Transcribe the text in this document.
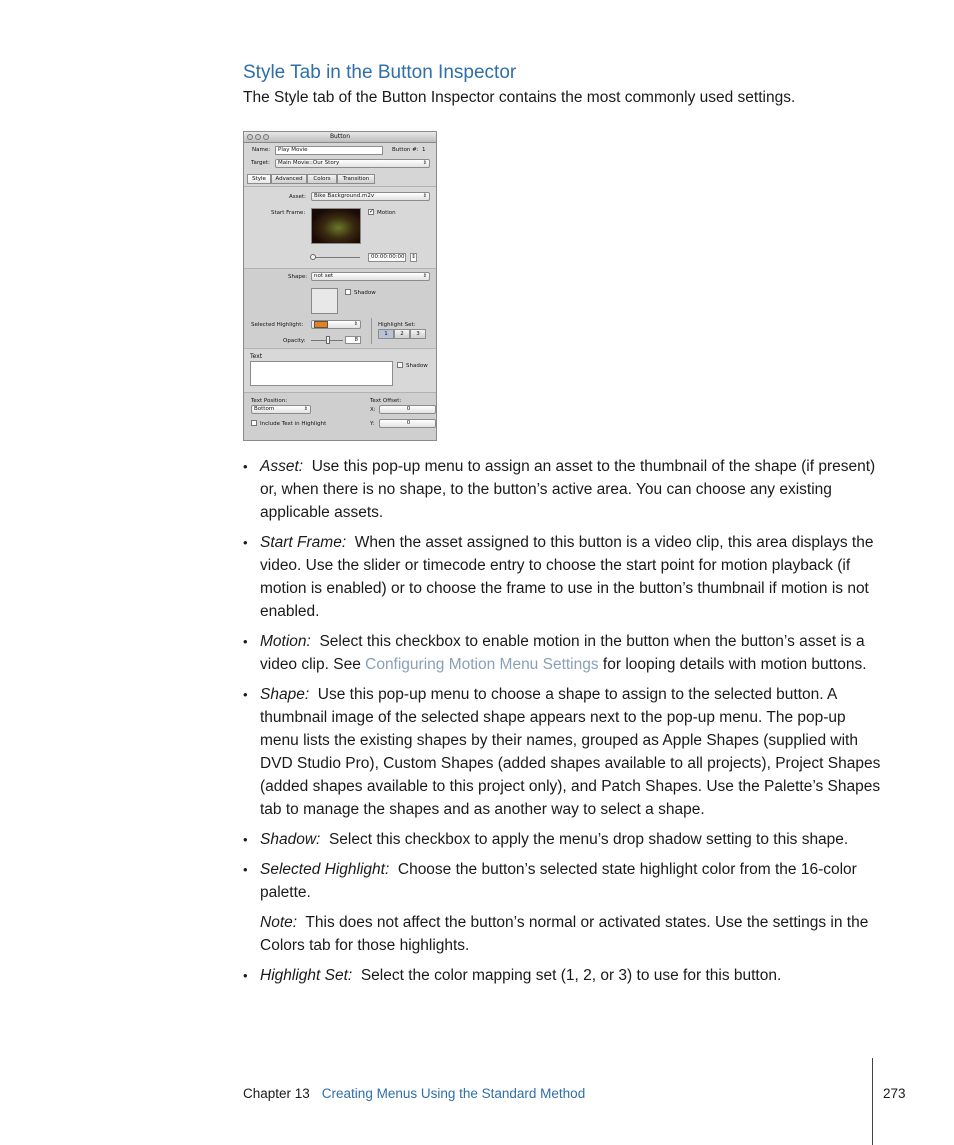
Style Tab in the Button Inspector
The Style tab of the Button Inspector contains the most commonly used settings.
Button
Name:	Play Movie	Button #: 1
Target:	Main Movie::Our Story	⇕
Style	Advanced	Colors	Transition
Asset:	Bike Background.m2v	⇕
Start Frame:	✓ Motion
00:00:00:00 ⇕
Shape:	not set	⇕
Shadow
Selected Highlight:	⇕	Highlight Set:
1	2	3
Opacity:	8
Text
Shadow
Text Position:
Bottom	⇕
Include Text in Highlight
Text Offset:
X:	0
Y:	0
• Asset: Use this pop-up menu to assign an asset to the thumbnail of the shape (if present) or, when there is no shape, to the button’s active area. You can choose any existing applicable assets.
• Start Frame: When the asset assigned to this button is a video clip, this area displays the video. Use the slider or timecode entry to choose the start point for motion playback (if motion is enabled) or to choose the frame to use in the button’s thumbnail if motion is not enabled.
• Motion: Select this checkbox to enable motion in the button when the button’s asset is a video clip. See Configuring Motion Menu Settings for looping details with motion buttons.
• Shape: Use this pop-up menu to choose a shape to assign to the selected button. A thumbnail image of the selected shape appears next to the pop-up menu. The pop-up menu lists the existing shapes by their names, grouped as Apple Shapes (supplied with DVD Studio Pro), Custom Shapes (added shapes available to all projects), Project Shapes (added shapes available to this project only), and Patch Shapes. Use the Palette’s Shapes tab to manage the shapes and as another way to select a shape.
• Shadow: Select this checkbox to apply the menu’s drop shadow setting to this shape.
• Selected Highlight: Choose the button’s selected state highlight color from the 16-color palette.
Note: This does not affect the button’s normal or activated states. Use the settings in the Colors tab for those highlights.
• Highlight Set: Select the color mapping set (1, 2, or 3) to use for this button.
Chapter 13 Creating Menus Using the Standard Method	273
